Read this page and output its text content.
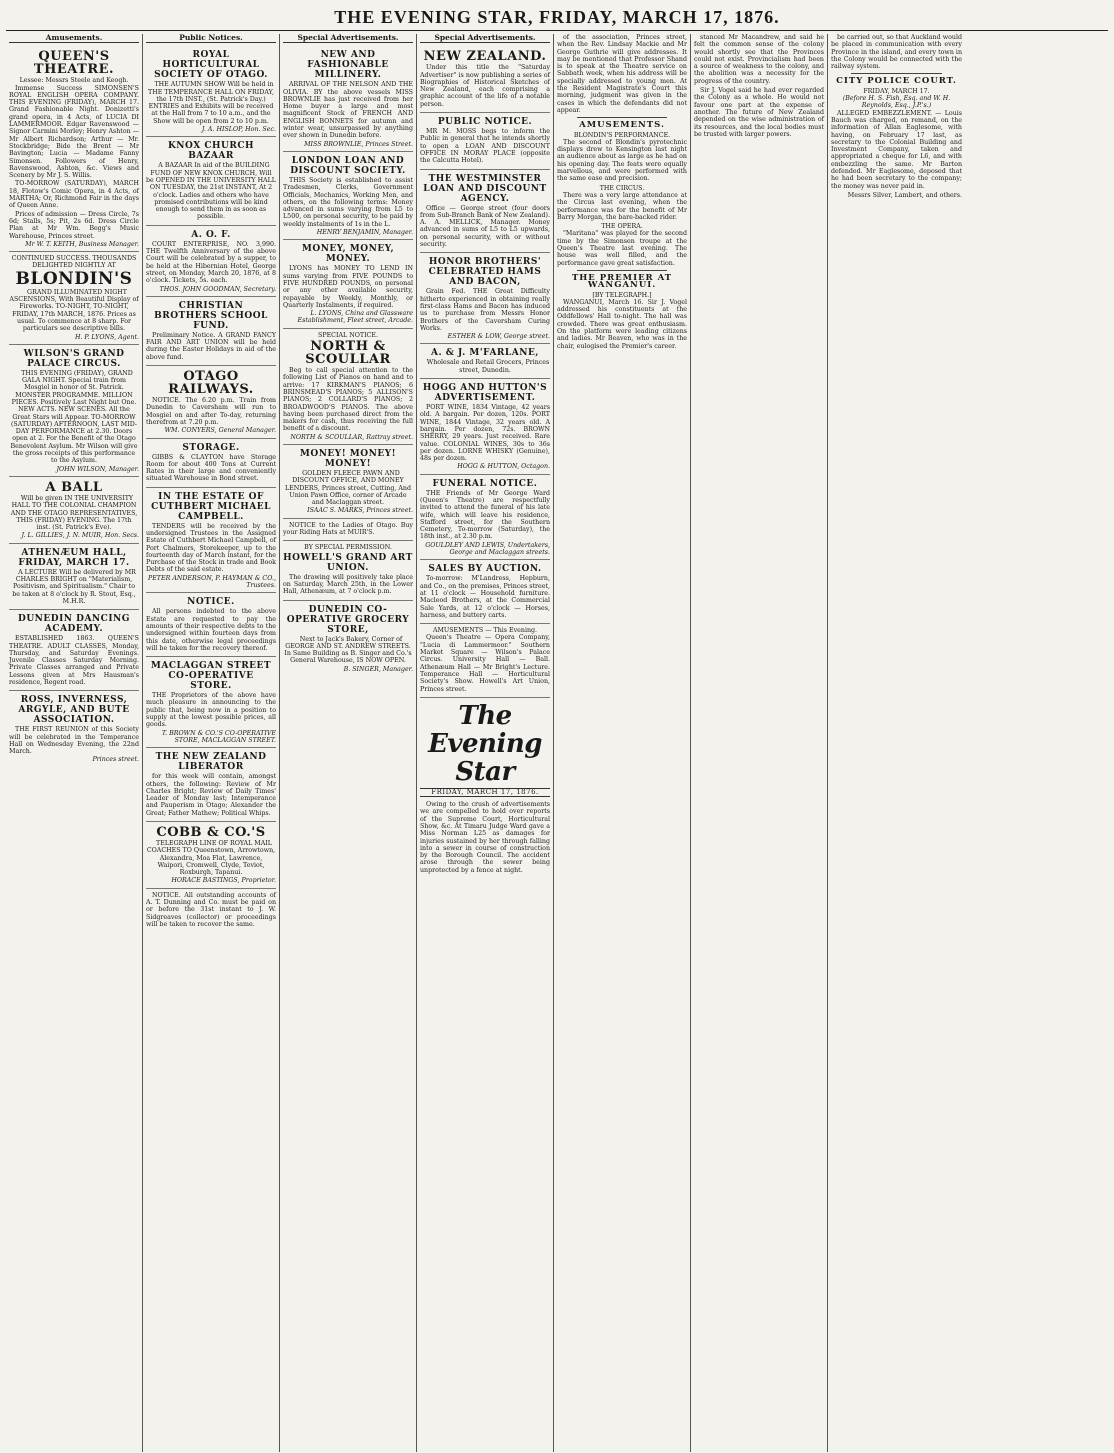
THE EVENING STAR, FRIDAY, MARCH 17, 1876.
Amusements.
QUEEN'S THEATRE.
Lessee: Messrs Steele and Keogh.

Immense Success SIMONSEN'S ROYAL ENGLISH OPERA COMPANY. THIS EVENING (FRIDAY), MARCH 17. Grand Fashionable Night. Donizetti's grand opera, in 4 Acts, of LUCIA DI LAMMERMOOR. Edgar Ravenswood — Signor Carmini Morley; Henry Ashton — Mr Albert Richardson; Arthur — Mr. Stockbridge; Bide the Brent — Mr Bavington; Lucia — Madame Fanny Simonsen. Followers of Henry, Ravenswood, Ashton, &c. Views and Scenery by Mr J. S. Willis.

TO-MORROW (SATURDAY), MARCH 18, Flotow's Comic Opera, in 4 Acts, of MARTHA; Or, Richmond Fair in the days of Queen Anne.

Prices of admission — Dress Circle, 7s 6d; Stalls, 5s; Pit, 2s 6d. Dress Circle Plan at Mr Wm. Begg's Music Warehouse, Princes street.

Mr W. T. KEITH, Business Manager.
CONTINUED SUCCESS. THOUSANDS DELIGHTED NIGHTLY AT
BLONDIN'S

GRAND ILLUMINATED NIGHT ASCENSIONS, With Beautiful Display of Fireworks. TO-NIGHT, TO-NIGHT, FRIDAY, 17th MARCH, 1876. Prices as usual. To commence at 8 sharp. For particulars see descriptive bills.

H. P. LYONS, Agent.
WILSON'S GRAND PALACE CIRCUS.

THIS EVENING (FRIDAY), GRAND GALA NIGHT. Special train from Mosgiel in honor of St. Patrick. MONSTER PROGRAMME. MILLION PIECES. Positively Last Night but One. NEW ACTS. NEW SCENES. All the Great Stars will Appear. TO-MORROW (SATURDAY) AFTERNOON, LAST MID-DAY PERFORMANCE at 2.30. Doors open at 2. For the Benefit of the Otago Benevolent Asylum. Mr Wilson will give the gross receipts of this performance to the Asylum.

JOHN WILSON, Manager.
A BALL

Will be given IN THE UNIVERSITY HALL TO THE COLONIAL CHAMPION AND THE OTAGO REPRESENTATIVES, THIS (FRIDAY) EVENING. The 17th inst. (St. Patrick's Eve).

J. L. GILLIES, J. N. MUIR, Hon. Secs.
ATHENÆUM HALL, FRIDAY, MARCH 17.

A LECTURE Will be delivered by MR CHARLES BRIGHT on "Materialism, Positivism, and Spiritualism." Chair to be taken at 8 o'clock by R. Stout, Esq., M.H.R.

DUNEDIN DANCING ACADEMY.

ESTABLISHED 1863. QUEEN'S THEATRE. ADULT CLASSES, Monday, Thursday, and Saturday Evenings. Juvenile Classes Saturday Morning. Private Classes arranged and Private Lessons given at Mrs Hausman's residence, Regent road.

ROSS, INVERNESS, ARGYLE, AND BUTE ASSOCIATION.

THE FIRST REUNION of this Society will be celebrated in the Temperance Hall on Wednesday Evening, the 22nd March.

Princes street.
Public Notices.
ROYAL HORTICULTURAL SOCIETY OF OTAGO.

THE AUTUMN SHOW Will be held in THE TEMPERANCE HALL ON FRIDAY, the 17th INST., (St. Patrick's Day.) ENTRIES and Exhibits will be received at the Hall from 7 to 10 a.m., and the Show will be open from 2 to 10 p.m.

J. A. HISLOP, Hon. Sec.
KNOX CHURCH BAZAAR

A BAZAAR In aid of the BUILDING FUND OF NEW KNOX CHURCH, Will be OPENED IN THE UNIVERSITY HALL ON TUESDAY, the 21st INSTANT, At 2 o'clock. Ladies and others who have promised contributions will be kind enough to send them in as soon as possible.

A. O. F.

COURT ENTERPRISE, NO. 3,990. THE Twelfth Anniversary of the above Court will be celebrated by a supper, to be held at the Hibernian Hotel, George street, on Monday, March 20, 1876, at 8 o'clock. Tickets, 5s. each.

THOS. JOHN GOODMAN, Secretary.
CHRISTIAN BROTHERS SCHOOL FUND.

Preliminary Notice. A GRAND FANCY FAIR AND ART UNION will be held during the Easter Holidays in aid of the above fund.

OTAGO RAILWAYS.

NOTICE. The 6.20 p.m. Train from Dunedin to Caversham will run to Mosgiel on and after To-day, returning therefrom at 7.20 p.m.

WM. CONYERS, General Manager.
STORAGE.

GIBBS & CLAYTON have Storage Room for about 400 Tons at Current Rates in their large and conveniently situated Warehouse in Bond street.

IN THE ESTATE OF CUTHBERT MICHAEL CAMPBELL.

TENDERS will be received by the undersigned Trustees in the Assigned Estate of Cuthbert Michael Campbell, of Port Chalmers, Storekeeper, up to the fourteenth day of March instant, for the Purchase of the Stock in trade and Book Debts of the said estate.

PETER ANDERSON, P. HAYMAN & CO., Trustees.
NOTICE.

All persons indebted to the above Estate are requested to pay the amounts of their respective debts to the undersigned within fourteen days from this date, otherwise legal proceedings will be taken for the recovery thereof.

MACLAGGAN STREET CO-OPERATIVE STORE.

THE Proprietors of the above have much pleasure in announcing to the public that, being now in a position to supply at the lowest possible prices, all goods.

T. BROWN & CO.'S CO-OPERATIVE STORE, MACLAGGAN STREET.
THE NEW ZEALAND LIBERATOR

for this week will contain, amongst others, the following: Review of Mr Charles Bright; Review of Daily Times' Leader of Monday last; Intemperance and Pauperism in Otago; Alexander the Great; Father Mathew; Political Whips.

COBB & CO.'S

TELEGRAPH LINE OF ROYAL MAIL COACHES TO Queenstown, Arrowtown, Alexandra, Moa Flat, Lawrence, Waipori, Cromwell, Clyde, Teviot, Roxburgh, Tapanui.

HORACE BASTINGS, Proprietor.

NOTICE. All outstanding accounts of A. T. Dunning and Co. must be paid on or before the 31st instant to J. W. Sidgreaves (collector) or proceedings will be taken to recover the same.

Special Advertisements.
NEW AND FASHIONABLE MILLINERY.

ARRIVAL OF THE NELSON AND THE OLIVIA. BY the above vessels MISS BROWNLIE has just received from her Home buyer a large and most magnificent Stock of FRENCH AND ENGLISH BONNETS for autumn and winter wear, unsurpassed by anything ever shown in Dunedin before.

MISS BROWNLIE, Princes Street.
LONDON LOAN AND DISCOUNT SOCIETY.

THIS Society is established to assist Tradesmen, Clerks, Government Officials, Mechanics, Working Men, and others, on the following terms: Money advanced in sums varying from L5 to L500, on personal security, to be paid by weekly instalments of 1s in the L.

HENRY BENJAMIN, Manager.
MONEY, MONEY, MONEY.

LYONS has MONEY TO LEND IN sums varying from FIVE POUNDS to FIVE HUNDRED POUNDS, on personal or any other available security, repayable by Weekly, Monthly, or Quarterly Instalments, if required.

L. LYONS, China and Glassware Establishment, Fleet street, Arcade.
SPECIAL NOTICE.
NORTH & SCOULLAR

Beg to call special attention to the following List of Pianos on hand and to arrive: 17 KIRKMAN'S PIANOS; 6 BRINSMEAD'S PIANOS; 5 ALLISON'S PIANOS; 2 COLLARD'S PIANOS; 2 BROADWOOD'S PIANOS. The above having been purchased direct from the makers for cash, thus receiving the full benefit of a discount.

NORTH & SCOULLAR, Rattray street.
MONEY! MONEY! MONEY!

GOLDEN FLEECE PAWN AND DISCOUNT OFFICE, AND MONEY LENDERS, Princes street, Cutting, And Union Pawn Office, corner of Arcade and Maclaggan street.

ISAAC S. MARKS, Princes street.

NOTICE to the Ladies of Otago. Buy your Riding Hats at MUIR'S.

BY SPECIAL PERMISSION.
HOWELL'S GRAND ART UNION.

The drawing will positively take place on Saturday, March 25th, in the Lower Hall, Athenæum, at 7 o'clock p.m.

DUNEDIN CO-OPERATIVE GROCERY STORE,

Next to Jack's Bakery, Corner of GEORGE AND ST. ANDREW STREETS. In Same Building as B. Singer and Co.'s General Warehouse, IS NOW OPEN.

B. SINGER, Manager.
Special Advertisements.
NEW ZEALAND.

Under this title the "Saturday Advertiser" is now publishing a series of Biographies of Historical Sketches of New Zealand, each comprising a graphic account of the life of a notable person.

PUBLIC NOTICE.

MR M. MOSS begs to inform the Public in general that he intends shortly to open a LOAN AND DISCOUNT OFFICE IN MORAY PLACE (opposite the Calcutta Hotel).

THE WESTMINSTER LOAN AND DISCOUNT AGENCY.

Office — George street (four doors from Sub-Branch Bank of New Zealand). A. A. MELLICK, Manager. Money advanced in sums of L5 to L5 upwards, on personal security, with or without security.

HONOR BROTHERS' CELEBRATED HAMS AND BACON,

Grain Fed. THE Great Difficulty hitherto experienced in obtaining really first-class Hams and Bacon has induced us to purchase from Messrs Honor Brothers of the Caversham Curing Works.

ESTHER & LOW, George street.
A. & J. M'FARLANE,

Wholesale and Retail Grocers, Princes street, Dunedin.

HOGG AND HUTTON'S ADVERTISEMENT.

PORT WINE, 1834 Vintage, 42 years old. A bargain. Per dozen, 120s. PORT WINE, 1844 Vintage, 32 years old. A bargain. Per dozen, 72s. BROWN SHERRY, 29 years. Just received. Rare value. COLONIAL WINES, 30s to 36s per dozen. LORNE WHISKY (Genuine), 48s per dozen.

HOGG & HUTTON, Octagon.
FUNERAL NOTICE.

THE Friends of Mr George Ward (Queen's Theatre) are respectfully invited to attend the funeral of his late wife, which will leave his residence, Stafford street, for the Southern Cemetery, To-morrow (Saturday), the 18th inst., at 2.30 p.m.

GOULDLEY AND LEWIS, Undertakers, George and Maclaggan streets.
SALES BY AUCTION.

To-morrow: M'Landress, Hepburn, and Co., on the premises, Princes street, at 11 o'clock — Household furniture. Macleod Brothers, at the Commercial Sale Yards, at 12 o'clock — Horses, harness, and buttery carts.

AMUSEMENTS — This Evening.

Queen's Theatre — Opera Company, "Lucia di Lammermoor." Southern Market Square — Wilson's Palace Circus. University Hall — Ball. Athenæum Hall — Mr Bright's Lecture. Temperance Hall — Horticultural Society's Show. Howell's Art Union, Princes street.

The Evening Star
FRIDAY, MARCH 17, 1876.

Owing to the crush of advertisements we are compelled to hold over reports of the Supreme Court, Horticultural Show, &c. At Timaru Judge Ward gave a Miss Norman L25 as damages for injuries sustained by her through falling into a sewer in course of construction by the Borough Council. The accident arose through the sewer being unprotected by a fence at night.

of the association, Princes street, when the Rev. Lindsay Mackie and Mr George Guthrie will give addresses. It may be mentioned that Professor Shand is to speak at the Theatre service on Sabbath week, when his address will be specially addressed to young men. At the Resident Magistrate's Court this morning, judgment was given in the cases in which the defendants did not appear.

AMUSEMENTS.
BLONDIN'S PERFORMANCE.

The second of Blondin's pyrotechnic displays drew to Kensington last night an audience about as large as he had on his opening day. The feats were equally marvellous, and were performed with the same ease and precision.

THE CIRCUS.

There was a very large attendance at the Circus last evening, when the performance was for the benefit of Mr Barry Morgan, the bare-backed rider.

THE OPERA.

"Maritana" was played for the second time by the Simonsen troupe at the Queen's Theatre last evening. The house was well filled, and the performance gave great satisfaction.

THE PREMIER AT WANGANUI.
[BY TELEGRAPH.]

WANGANUI, March 16. Sir J. Vogel addressed his constituents at the Oddfellows' Hall to-night. The hall was crowded. There was great enthusiasm. On the platform were leading citizens and ladies. Mr Beaven, who was in the chair, eulogised the Premier's career.

stanced Mr Macandrew, and said he felt the common sense of the colony would shortly see that the Provinces could not exist. Provincialism had been a source of weakness to the colony, and the abolition was a necessity for the progress of the country.

Sir J. Vogel said he had ever regarded the Colony as a whole. He would not favour one part at the expense of another. The future of New Zealand depended on the wise administration of its resources, and the local bodies must be trusted with larger powers.

be carried out, so that Auckland would be placed in communication with every Province in the island, and every town in the Colony would be connected with the railway system.

CITY POLICE COURT.
FRIDAY, MARCH 17.
(Before H. S. Fish, Esq. and W. H. Reynolds, Esq., J.P.'s.)

ALLEGED EMBEZZLEMENT. — Louis Bauch was charged, on remand, on the information of Allan Eaglesome, with having, on February 17 last, as secretary to the Colonial Building and Investment Company, taken and appropriated a cheque for L6, and with embezzling the same. Mr Barton defended. Mr Eaglesome, deposed that he had been secretary to the company; the money was never paid in.

Messrs Silver, Lambert, and others.
